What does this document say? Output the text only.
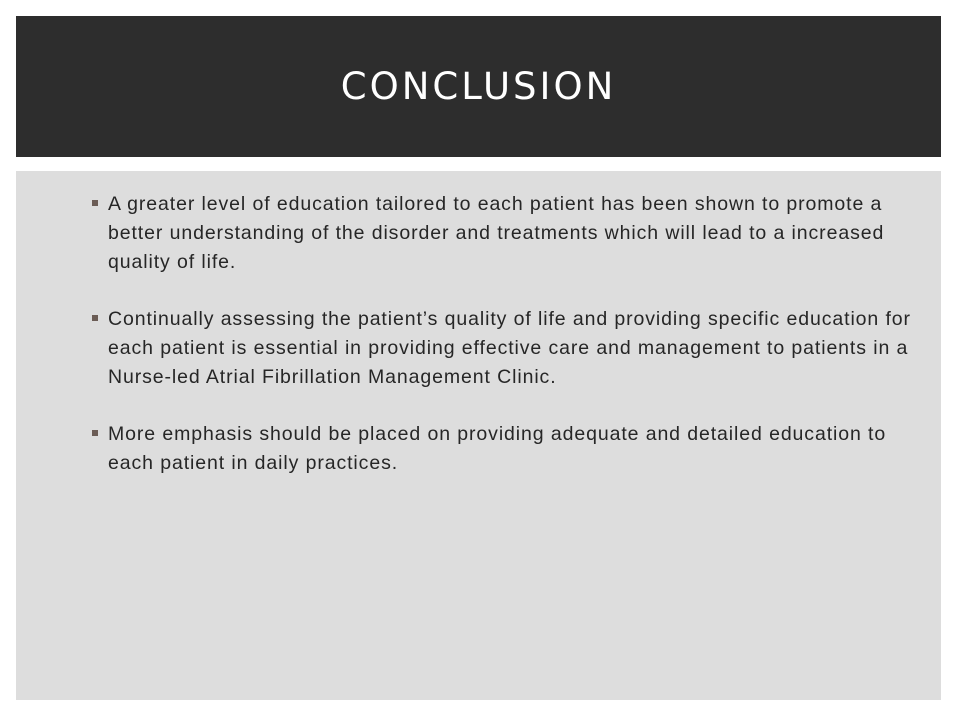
CONCLUSION
A greater level of education tailored to each patient has been shown to promote a better understanding of the disorder and treatments which will lead to a increased quality of life.
Continually assessing the patient’s quality of life and providing specific education for each patient is essential in providing effective care and management to patients in a Nurse-led Atrial Fibrillation Management Clinic.
More emphasis should be placed on providing adequate and detailed education to each patient in daily practices.
